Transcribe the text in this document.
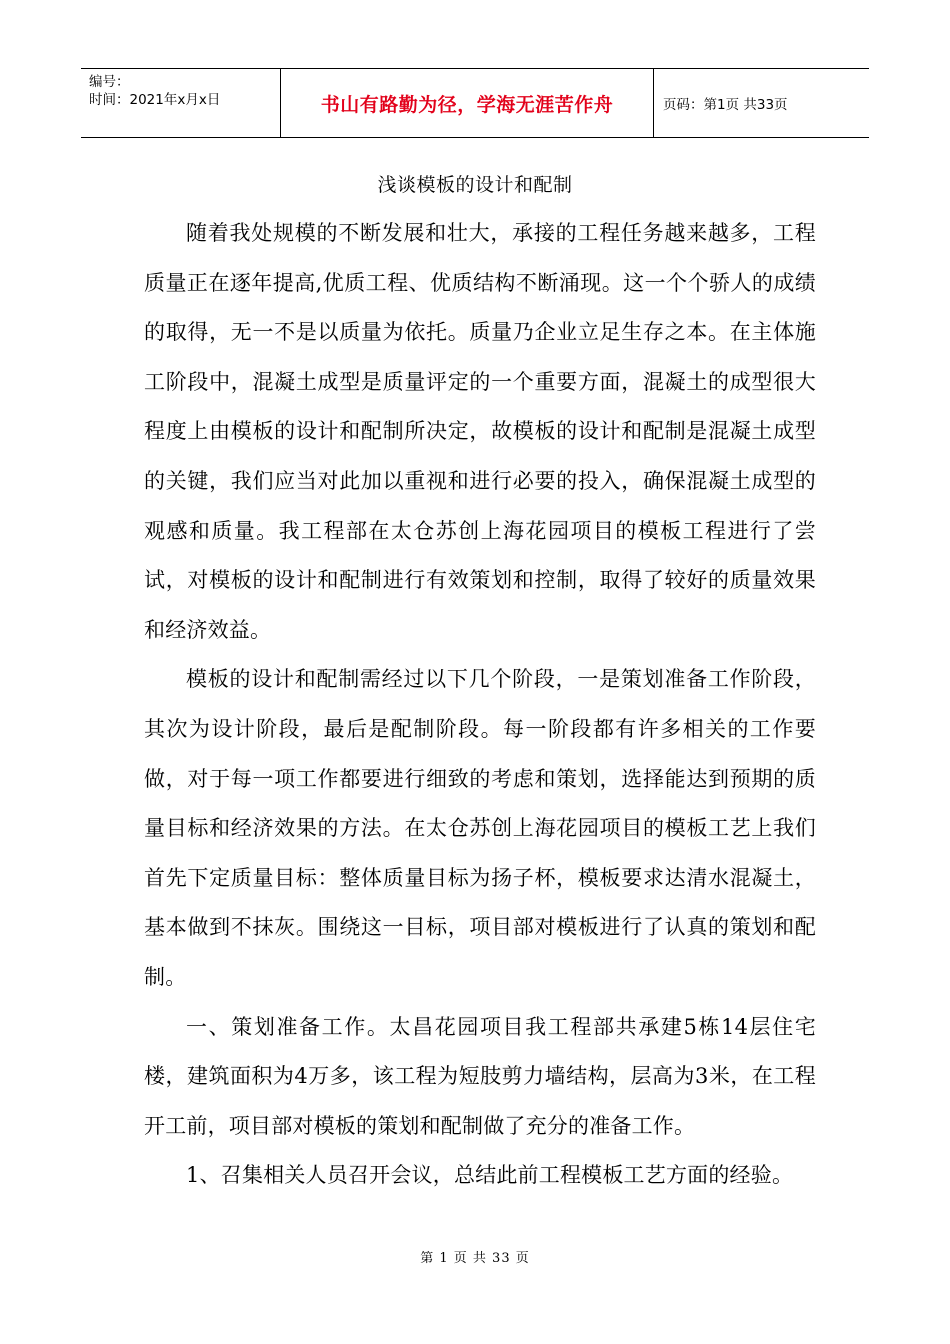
编号：
时间：2021年x月x日	书山有路勤为径，学海无涯苦作舟	页码：第1页 共33页
浅谈模板的设计和配制

随着我处规模的不断发展和壮大，承接的工程任务越来越多，工程质量正在逐年提高,优质工程、优质结构不断涌现。这一个个骄人的成绩的取得，无一不是以质量为依托。质量乃企业立足生存之本。在主体施工阶段中，混凝土成型是质量评定的一个重要方面，混凝土的成型很大程度上由模板的设计和配制所决定，故模板的设计和配制是混凝土成型的关键，我们应当对此加以重视和进行必要的投入，确保混凝土成型的观感和质量。我工程部在太仓苏创上海花园项目的模板工程进行了尝试，对模板的设计和配制进行有效策划和控制，取得了较好的质量效果和经济效益。

模板的设计和配制需经过以下几个阶段，一是策划准备工作阶段，其次为设计阶段，最后是配制阶段。每一阶段都有许多相关的工作要做，对于每一项工作都要进行细致的考虑和策划，选择能达到预期的质量目标和经济效果的方法。在太仓苏创上海花园项目的模板工艺上我们首先下定质量目标：整体质量目标为扬子杯，模板要求达清水混凝土，基本做到不抹灰。围绕这一目标，项目部对模板进行了认真的策划和配制。

一、策划准备工作。太昌花园项目我工程部共承建5栋14层住宅楼，建筑面积为4万多，该工程为短肢剪力墙结构，层高为3米，在工程开工前，项目部对模板的策划和配制做了充分的准备工作。

1、召集相关人员召开会议，总结此前工程模板工艺方面的经验。

第 1 页 共 33 页
